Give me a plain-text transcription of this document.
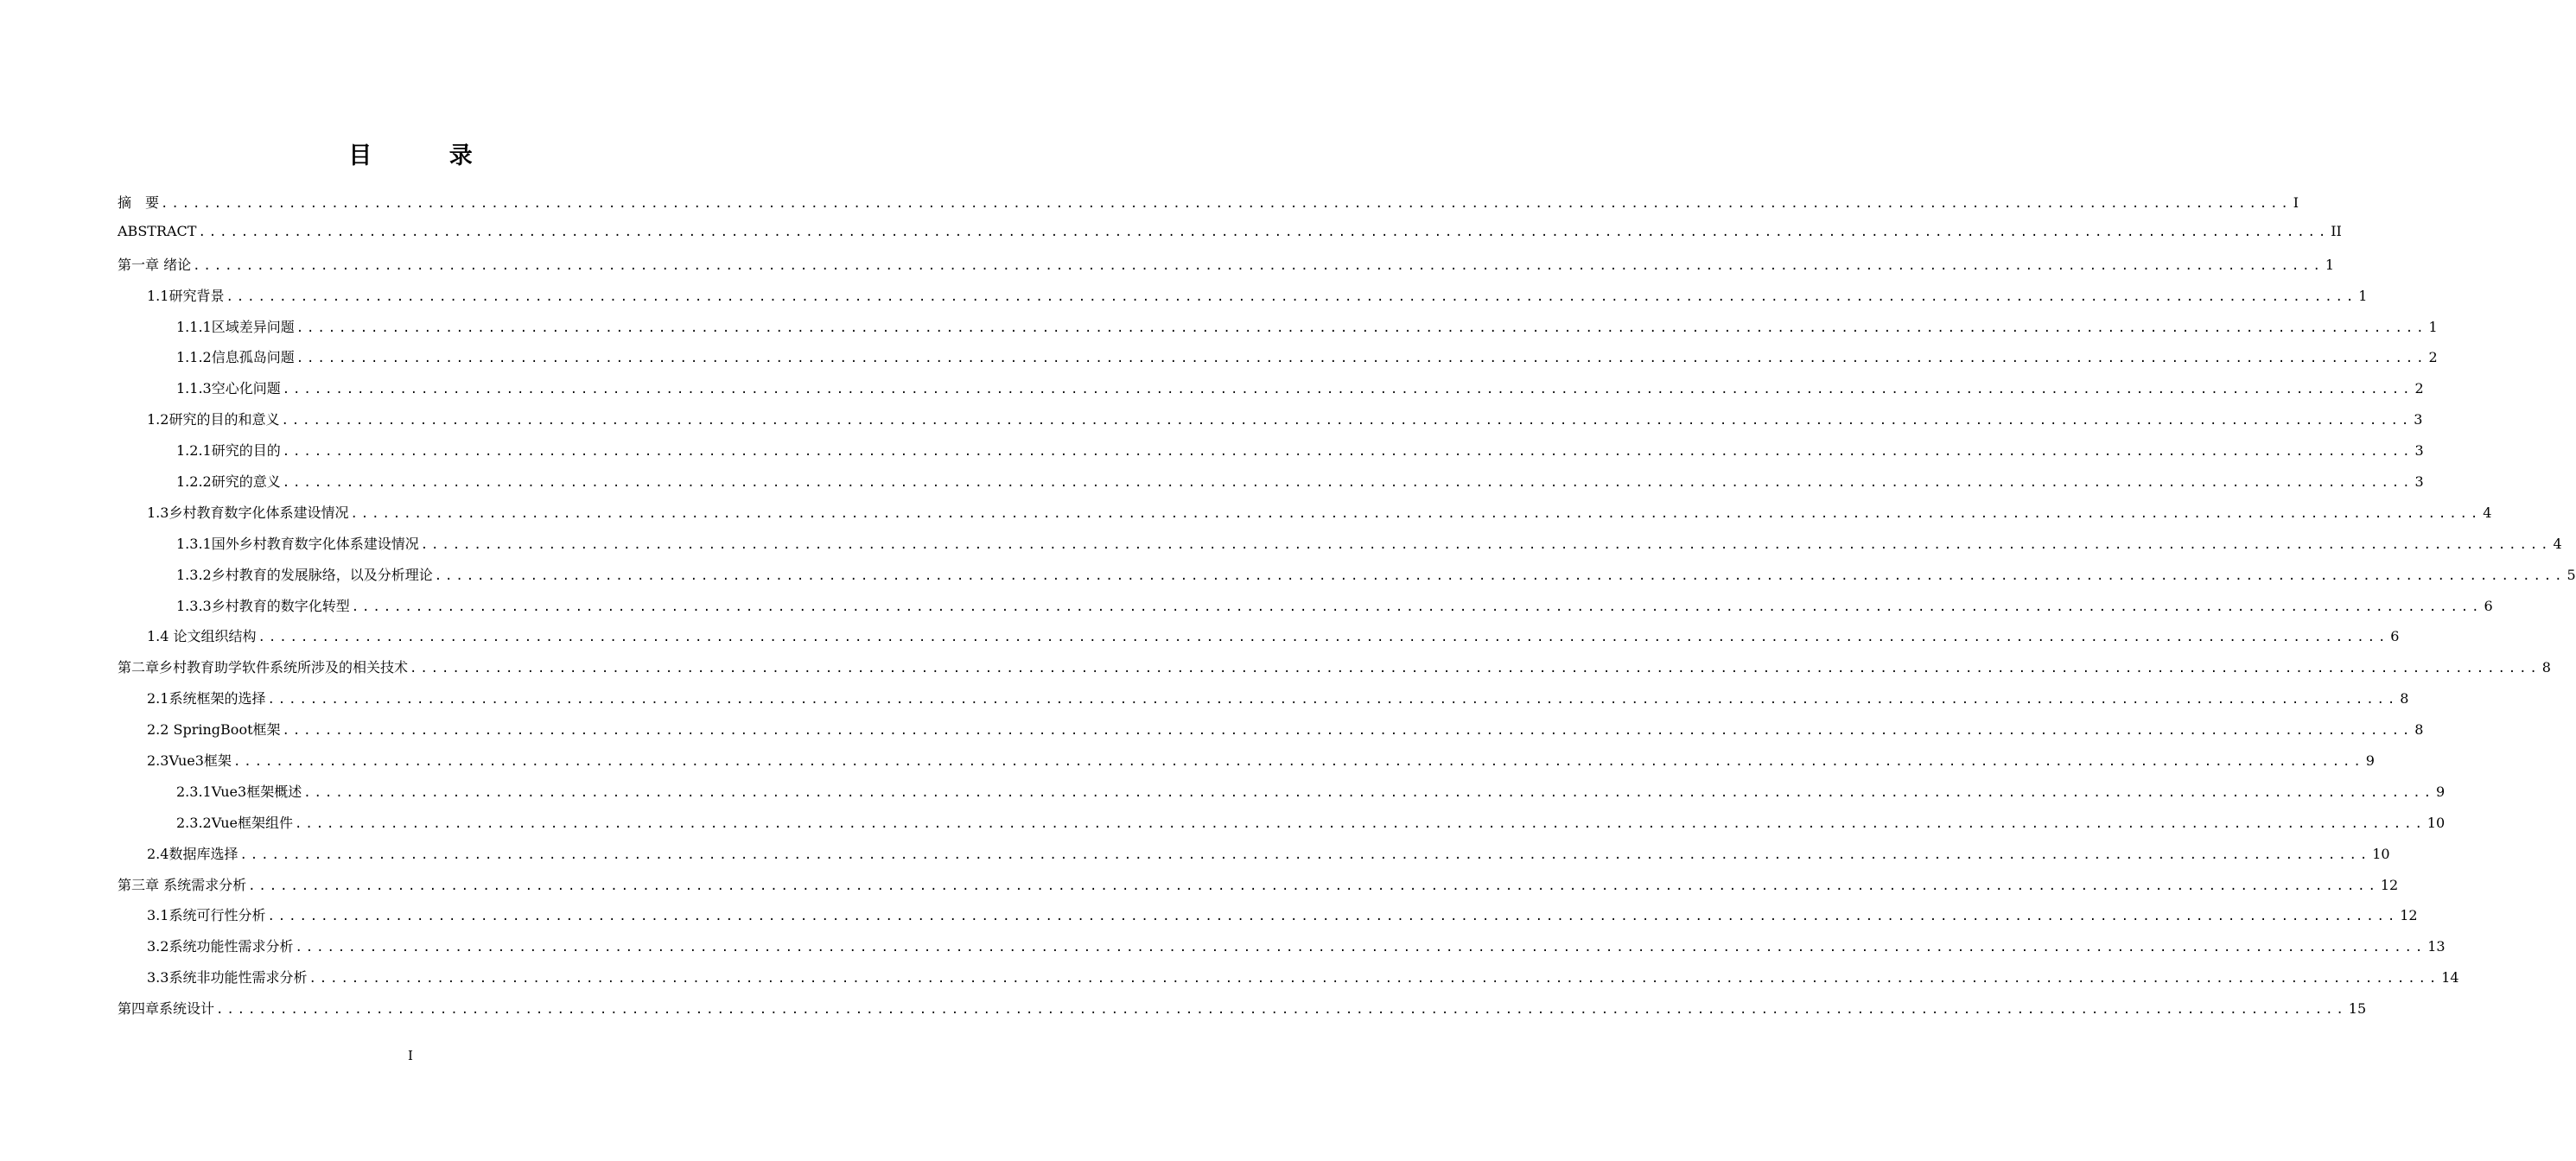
目 录
摘　要 ........................................................................................................................................................................................................ I
ABSTRACT ........................................................................................................................................................................................................ II
第一章 绪论 ........................................................................................................................................................................................................ 1
1.1研究背景 ........................................................................................................................................................................................................ 1
1.1.1区域差异问题 ........................................................................................................................................................................................................ 1
1.1.2信息孤岛问题 ........................................................................................................................................................................................................ 2
1.1.3空心化问题 ........................................................................................................................................................................................................ 2
1.2研究的目的和意义 ........................................................................................................................................................................................................ 3
1.2.1研究的目的 ........................................................................................................................................................................................................ 3
1.2.2研究的意义 ........................................................................................................................................................................................................ 3
1.3乡村教育数字化体系建设情况 ........................................................................................................................................................................................................ 4
1.3.1国外乡村教育数字化体系建设情况 ........................................................................................................................................................................................................ 4
1.3.2乡村教育的发展脉络，以及分析理论 ........................................................................................................................................................................................................ 5
1.3.3乡村教育的数字化转型 ........................................................................................................................................................................................................ 6
1.4 论文组织结构 ........................................................................................................................................................................................................ 6
第二章乡村教育助学软件系统所涉及的相关技术 ........................................................................................................................................................................................................ 8
2.1系统框架的选择 ........................................................................................................................................................................................................ 8
2.2 SpringBoot框架 ........................................................................................................................................................................................................ 8
2.3Vue3框架 ........................................................................................................................................................................................................ 9
2.3.1Vue3框架概述 ........................................................................................................................................................................................................ 9
2.3.2Vue框架组件 ........................................................................................................................................................................................................ 10
2.4数据库选择 ........................................................................................................................................................................................................ 10
第三章 系统需求分析 ........................................................................................................................................................................................................ 12
3.1系统可行性分析 ........................................................................................................................................................................................................ 12
3.2系统功能性需求分析 ........................................................................................................................................................................................................ 13
3.3系统非功能性需求分析 ........................................................................................................................................................................................................ 14
第四章系统设计 ........................................................................................................................................................................................................ 15
I
